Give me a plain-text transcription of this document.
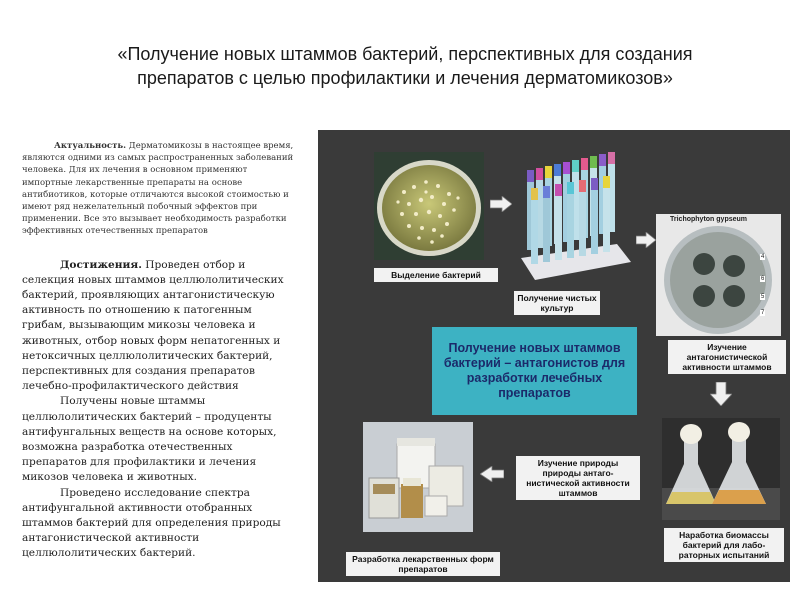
«Получение новых штаммов бактерий, перспективных для создания
препаратов с целью профилактики и лечения дерматомикозов»

Актуальность. Дерматомикозы в настоящее время, являются одними из самых распространенных заболеваний человека. Для их лечения в основном применяют импортные лекарственные препараты на основе антибиотиков, которые отличаются высокой стоимостью и имеют ряд нежелательный побочный эффектов при применении. Все это вызывает необходимость разработки эффективных отечественных препаратов

Достижения. Проведен отбор и селекция новых штаммов целлюлолитических бактерий, проявляющих антагонистическую активность по отношению к патогенным грибам, вызывающим микозы человека и животных, отбор новых форм непатогенных и нетоксичных целлюлолитических бактерий, перспективных для создания препаратов лечебно-профилактического действия

Получены новые штаммы целлюлолитических бактерий – продуценты антифунгальных веществ на основе которых, возможна разработка отечественных препаратов для профилактики и лечения микозов человека и животных.

Проведено исследование спектра антифунгальной активности отобранных штаммов бактерий для определения природы антагонистической активности целлюлолитических бактерий.

Выделение бактерий
Получение чистых культур
Trichophyton gypseum
4
6
5
7
Изучение антагонистической активности штаммов
Получение новых штаммов бактерий – антагонистов для разработки лечебных препаратов
Наработка биомассы бактерий для лабо-раторных испытаний
Изучение природы природы антаго-нистической активности штаммов
Разработка лекарственных форм препаратов
